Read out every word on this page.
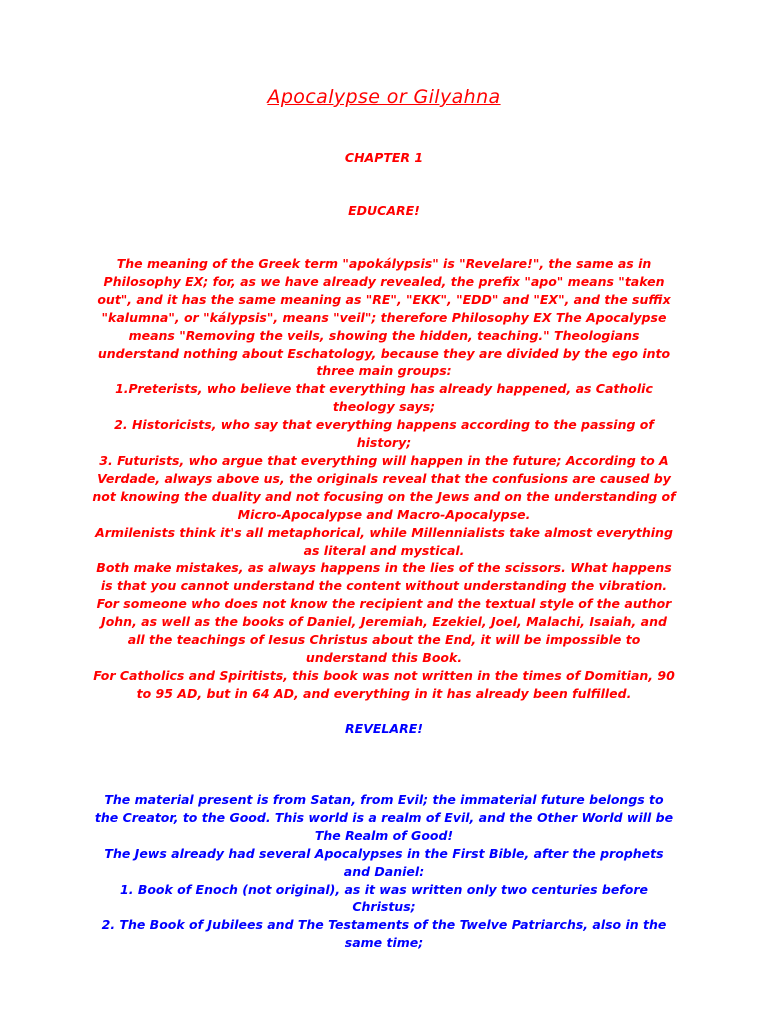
Apocalypse or Gilyahna
CHAPTER 1
EDUCARE!

The meaning of the Greek term "apokálypsis" is "Revelare!", the same as in Philosophy EX; for, as we have already revealed, the prefix "apo" means "taken out", and it has the same meaning as "RE", "EKK", "EDD" and "EX", and the suffix "kalumna", or "kálypsis", means "veil"; therefore Philosophy EX The Apocalypse means "Removing the veils, showing the hidden, teaching." Theologians understand nothing about Eschatology, because they are divided by the ego into three main groups:

1.Preterists, who believe that everything has already happened, as Catholic theology says;

2. Historicists, who say that everything happens according to the passing of history;

3. Futurists, who argue that everything will happen in the future; According to A Verdade, always above us, the originals reveal that the confusions are caused by not knowing the duality and not focusing on the Jews and on the understanding of Micro-Apocalypse and Macro-Apocalypse.

Armilenists think it's all metaphorical, while Millennialists take almost everything as literal and mystical.

Both make mistakes, as always happens in the lies of the scissors. What happens is that you cannot understand the content without understanding the vibration. For someone who does not know the recipient and the textual style of the author John, as well as the books of Daniel, Jeremiah, Ezekiel, Joel, Malachi, Isaiah, and all the teachings of Iesus Christus about the End, it will be impossible to understand this Book.

For Catholics and Spiritists, this book was not written in the times of Domitian, 90 to 95 AD, but in 64 AD, and everything in it has already been fulfilled.

REVELARE!

The material present is from Satan, from Evil; the immaterial future belongs to the Creator, to the Good. This world is a realm of Evil, and the Other World will be The Realm of Good!

The Jews already had several Apocalypses in the First Bible, after the prophets and Daniel:

1. Book of Enoch (not original), as it was written only two centuries before Christus;

2. The Book of Jubilees and The Testaments of the Twelve Patriarchs, also in the same time;
